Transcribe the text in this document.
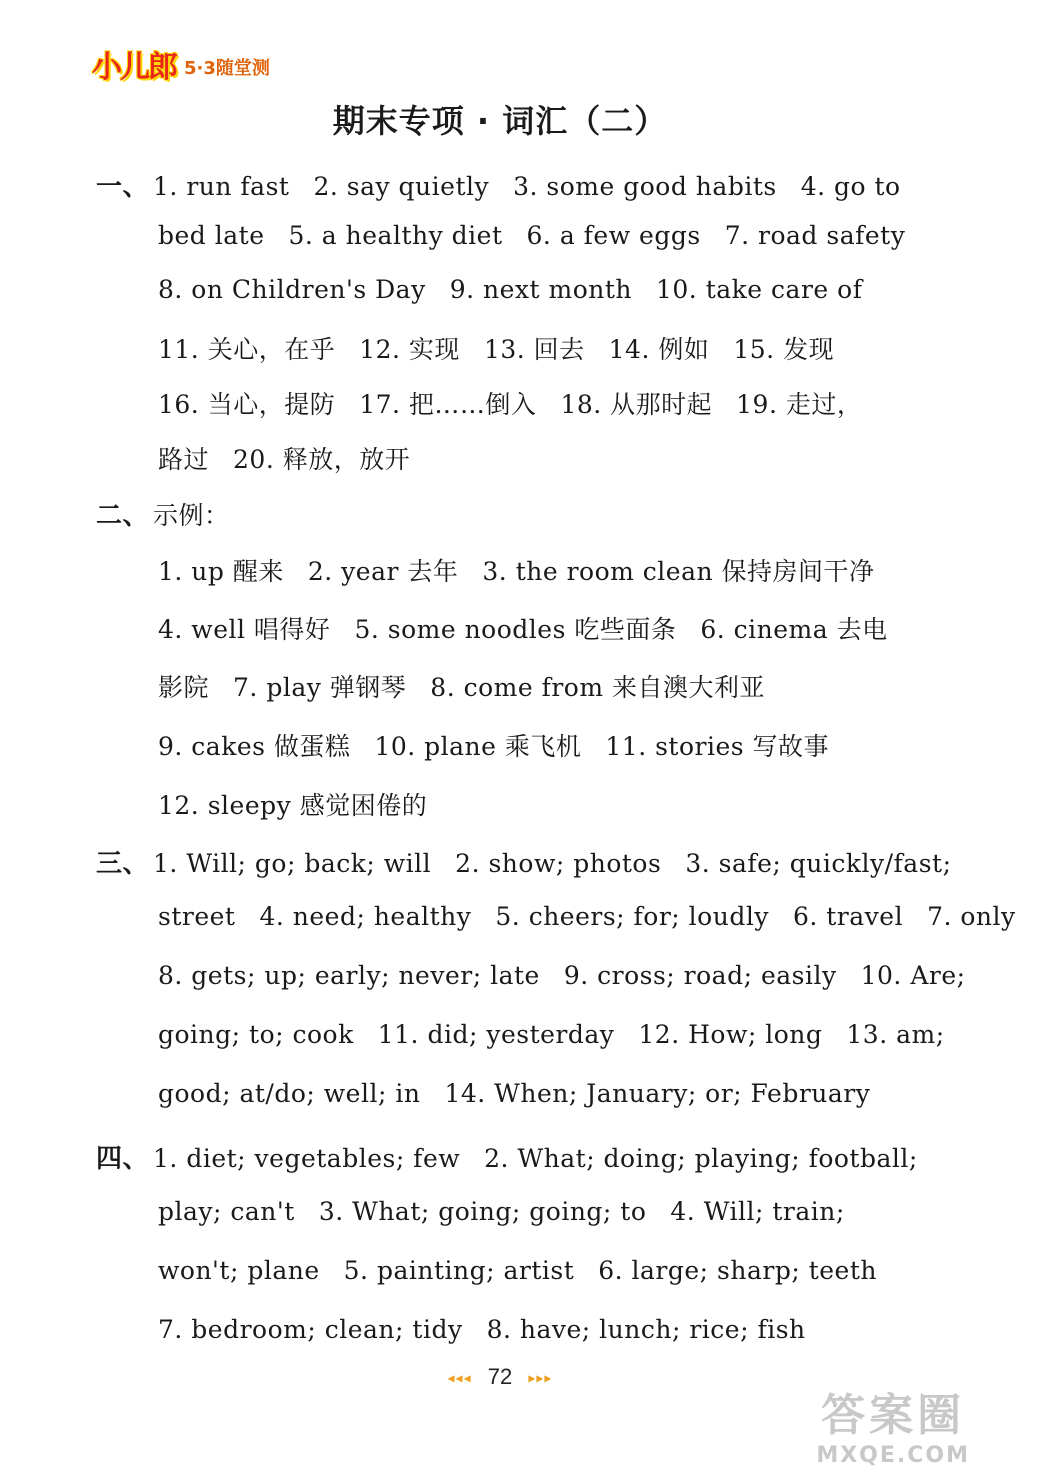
小儿郎 5·3随堂测
期末专项 · 词汇（二）
一、 1. run fast 2. say quietly 3. some good habits 4. go to
bed late 5. a healthy diet 6. a few eggs 7. road safety
8. on Children's Day 9. next month 10. take care of
11. 关心，在乎 12. 实现 13. 回去 14. 例如 15. 发现
16. 当心，提防 17. 把……倒入 18. 从那时起 19. 走过，
路过 20. 释放，放开
二、 示例：
1. up 醒来 2. year 去年 3. the room clean 保持房间干净
4. well 唱得好 5. some noodles 吃些面条 6. cinema 去电
影院 7. play 弹钢琴 8. come from 来自澳大利亚
9. cakes 做蛋糕 10. plane 乘飞机 11. stories 写故事
12. sleepy 感觉困倦的
三、 1. Will; go; back; will 2. show; photos 3. safe; quickly/fast;
street 4. need; healthy 5. cheers; for; loudly 6. travel 7. only
8. gets; up; early; never; late 9. cross; road; easily 10. Are;
going; to; cook 11. did; yesterday 12. How; long 13. am;
good; at/do; well; in 14. When; January; or; February
四、 1. diet; vegetables; few 2. What; doing; playing; football;
play; can't 3. What; going; going; to 4. Will; train;
won't; plane 5. painting; artist 6. large; sharp; teeth
7. bedroom; clean; tidy 8. have; lunch; rice; fish
◂◂◂ 72 ▸▸▸
答案圈
MXQE.COM
